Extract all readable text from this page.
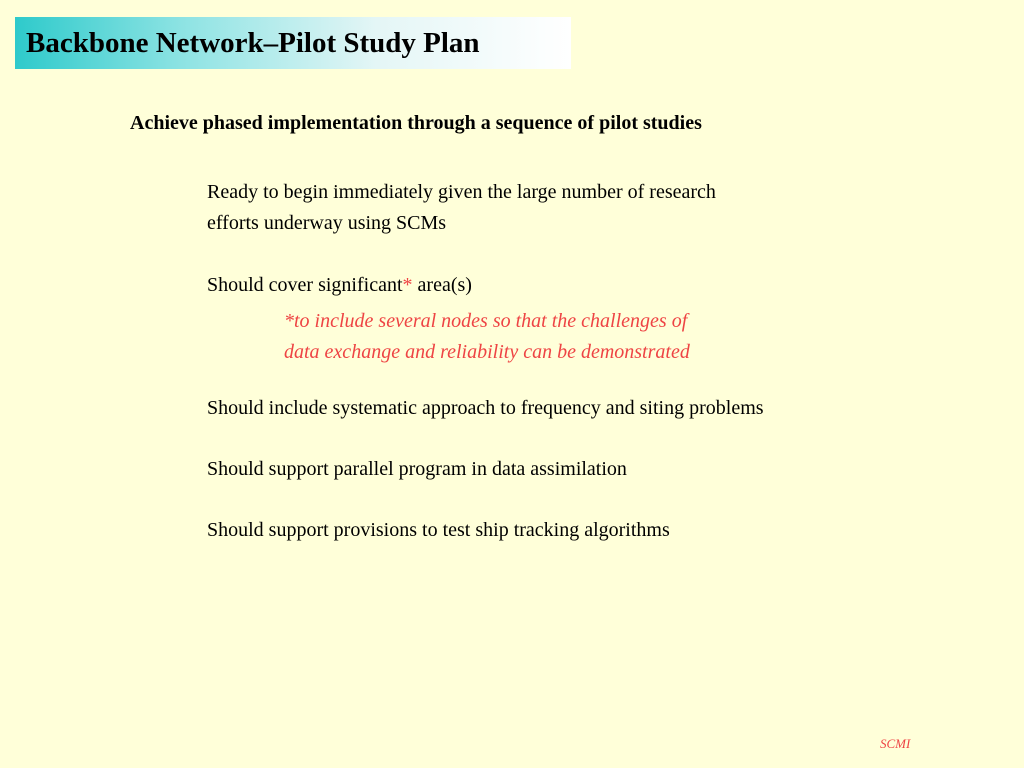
Backbone Network–Pilot Study Plan
Achieve phased implementation through a sequence of pilot studies
Ready to begin immediately given the large number of research
efforts underway using SCMs
Should cover significant* area(s)
*to include several nodes so that the challenges of
data exchange and reliability can be demonstrated
Should include systematic approach to frequency and siting problems
Should support parallel program in data assimilation
Should support provisions to test ship tracking algorithms
SCMI
